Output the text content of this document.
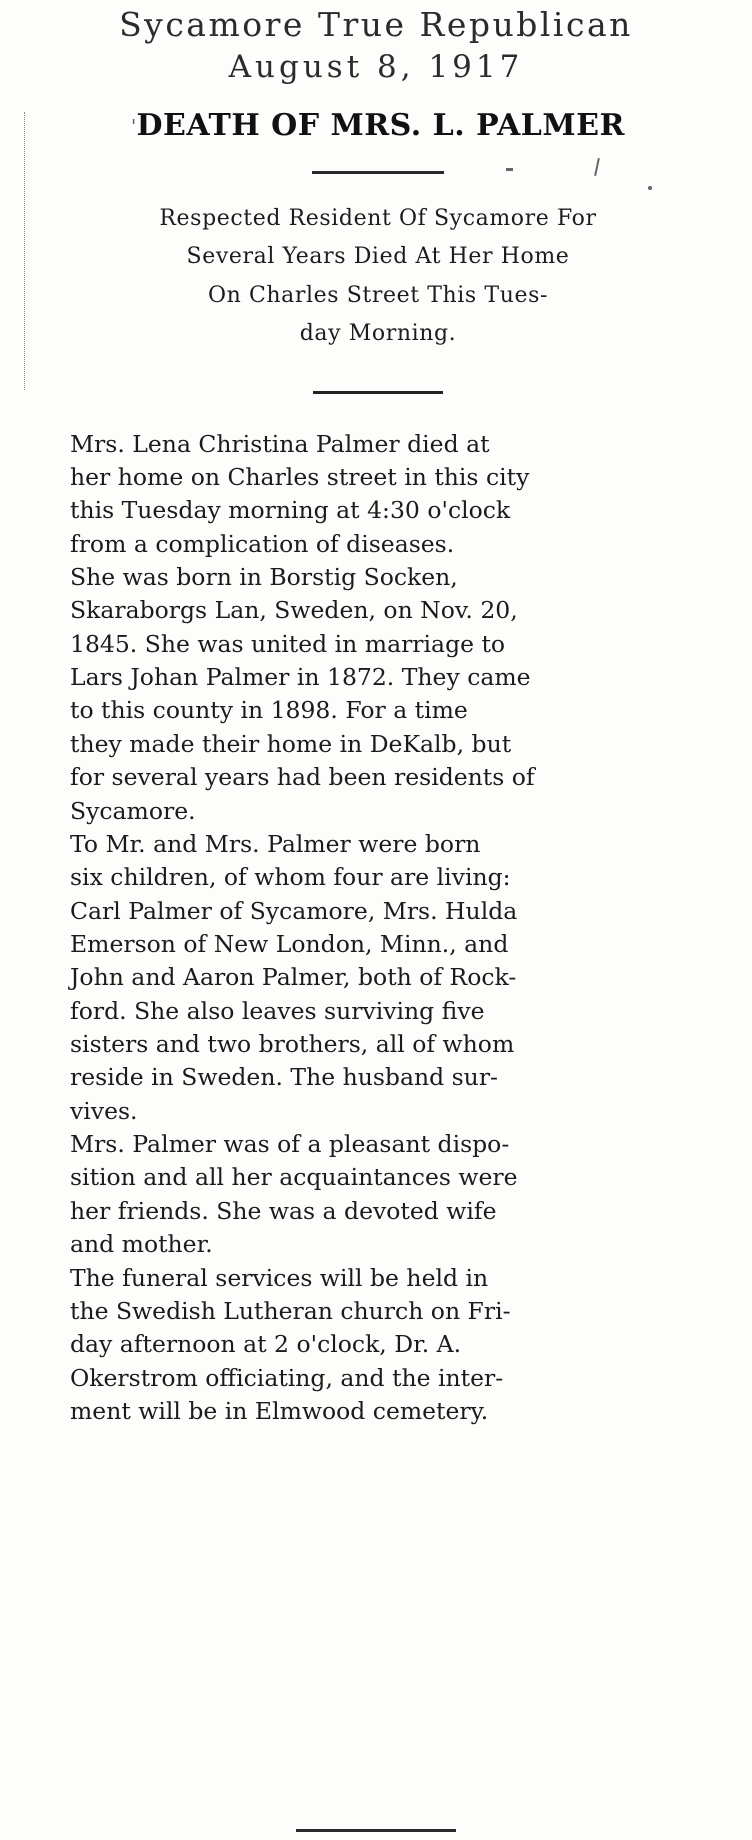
Sycamore True Republican
August 8, 1917
'DEATH OF MRS. L. PALMER
Respected Resident Of Sycamore For
Several Years Died At Her Home
On Charles Street This Tues-
day Morning.

Mrs. Lena Christina Palmer died at
her home on Charles street in this city
this Tuesday morning at 4:30 o'clock
from a complication of diseases.

She was born in Borstig Socken,
Skaraborgs Lan, Sweden, on Nov. 20,
1845. She was united in marriage to
Lars Johan Palmer in 1872. They came
to this county in 1898. For a time
they made their home in DeKalb, but
for several years had been residents of
Sycamore.

To Mr. and Mrs. Palmer were born
six children, of whom four are living:
Carl Palmer of Sycamore, Mrs. Hulda
Emerson of New London, Minn., and
John and Aaron Palmer, both of Rock-
ford. She also leaves surviving five
sisters and two brothers, all of whom
reside in Sweden. The husband sur-
vives.

Mrs. Palmer was of a pleasant dispo-
sition and all her acquaintances were
her friends. She was a devoted wife
and mother.

The funeral services will be held in
the Swedish Lutheran church on Fri-
day afternoon at 2 o'clock, Dr. A.
Okerstrom officiating, and the inter-
ment will be in Elmwood cemetery.
